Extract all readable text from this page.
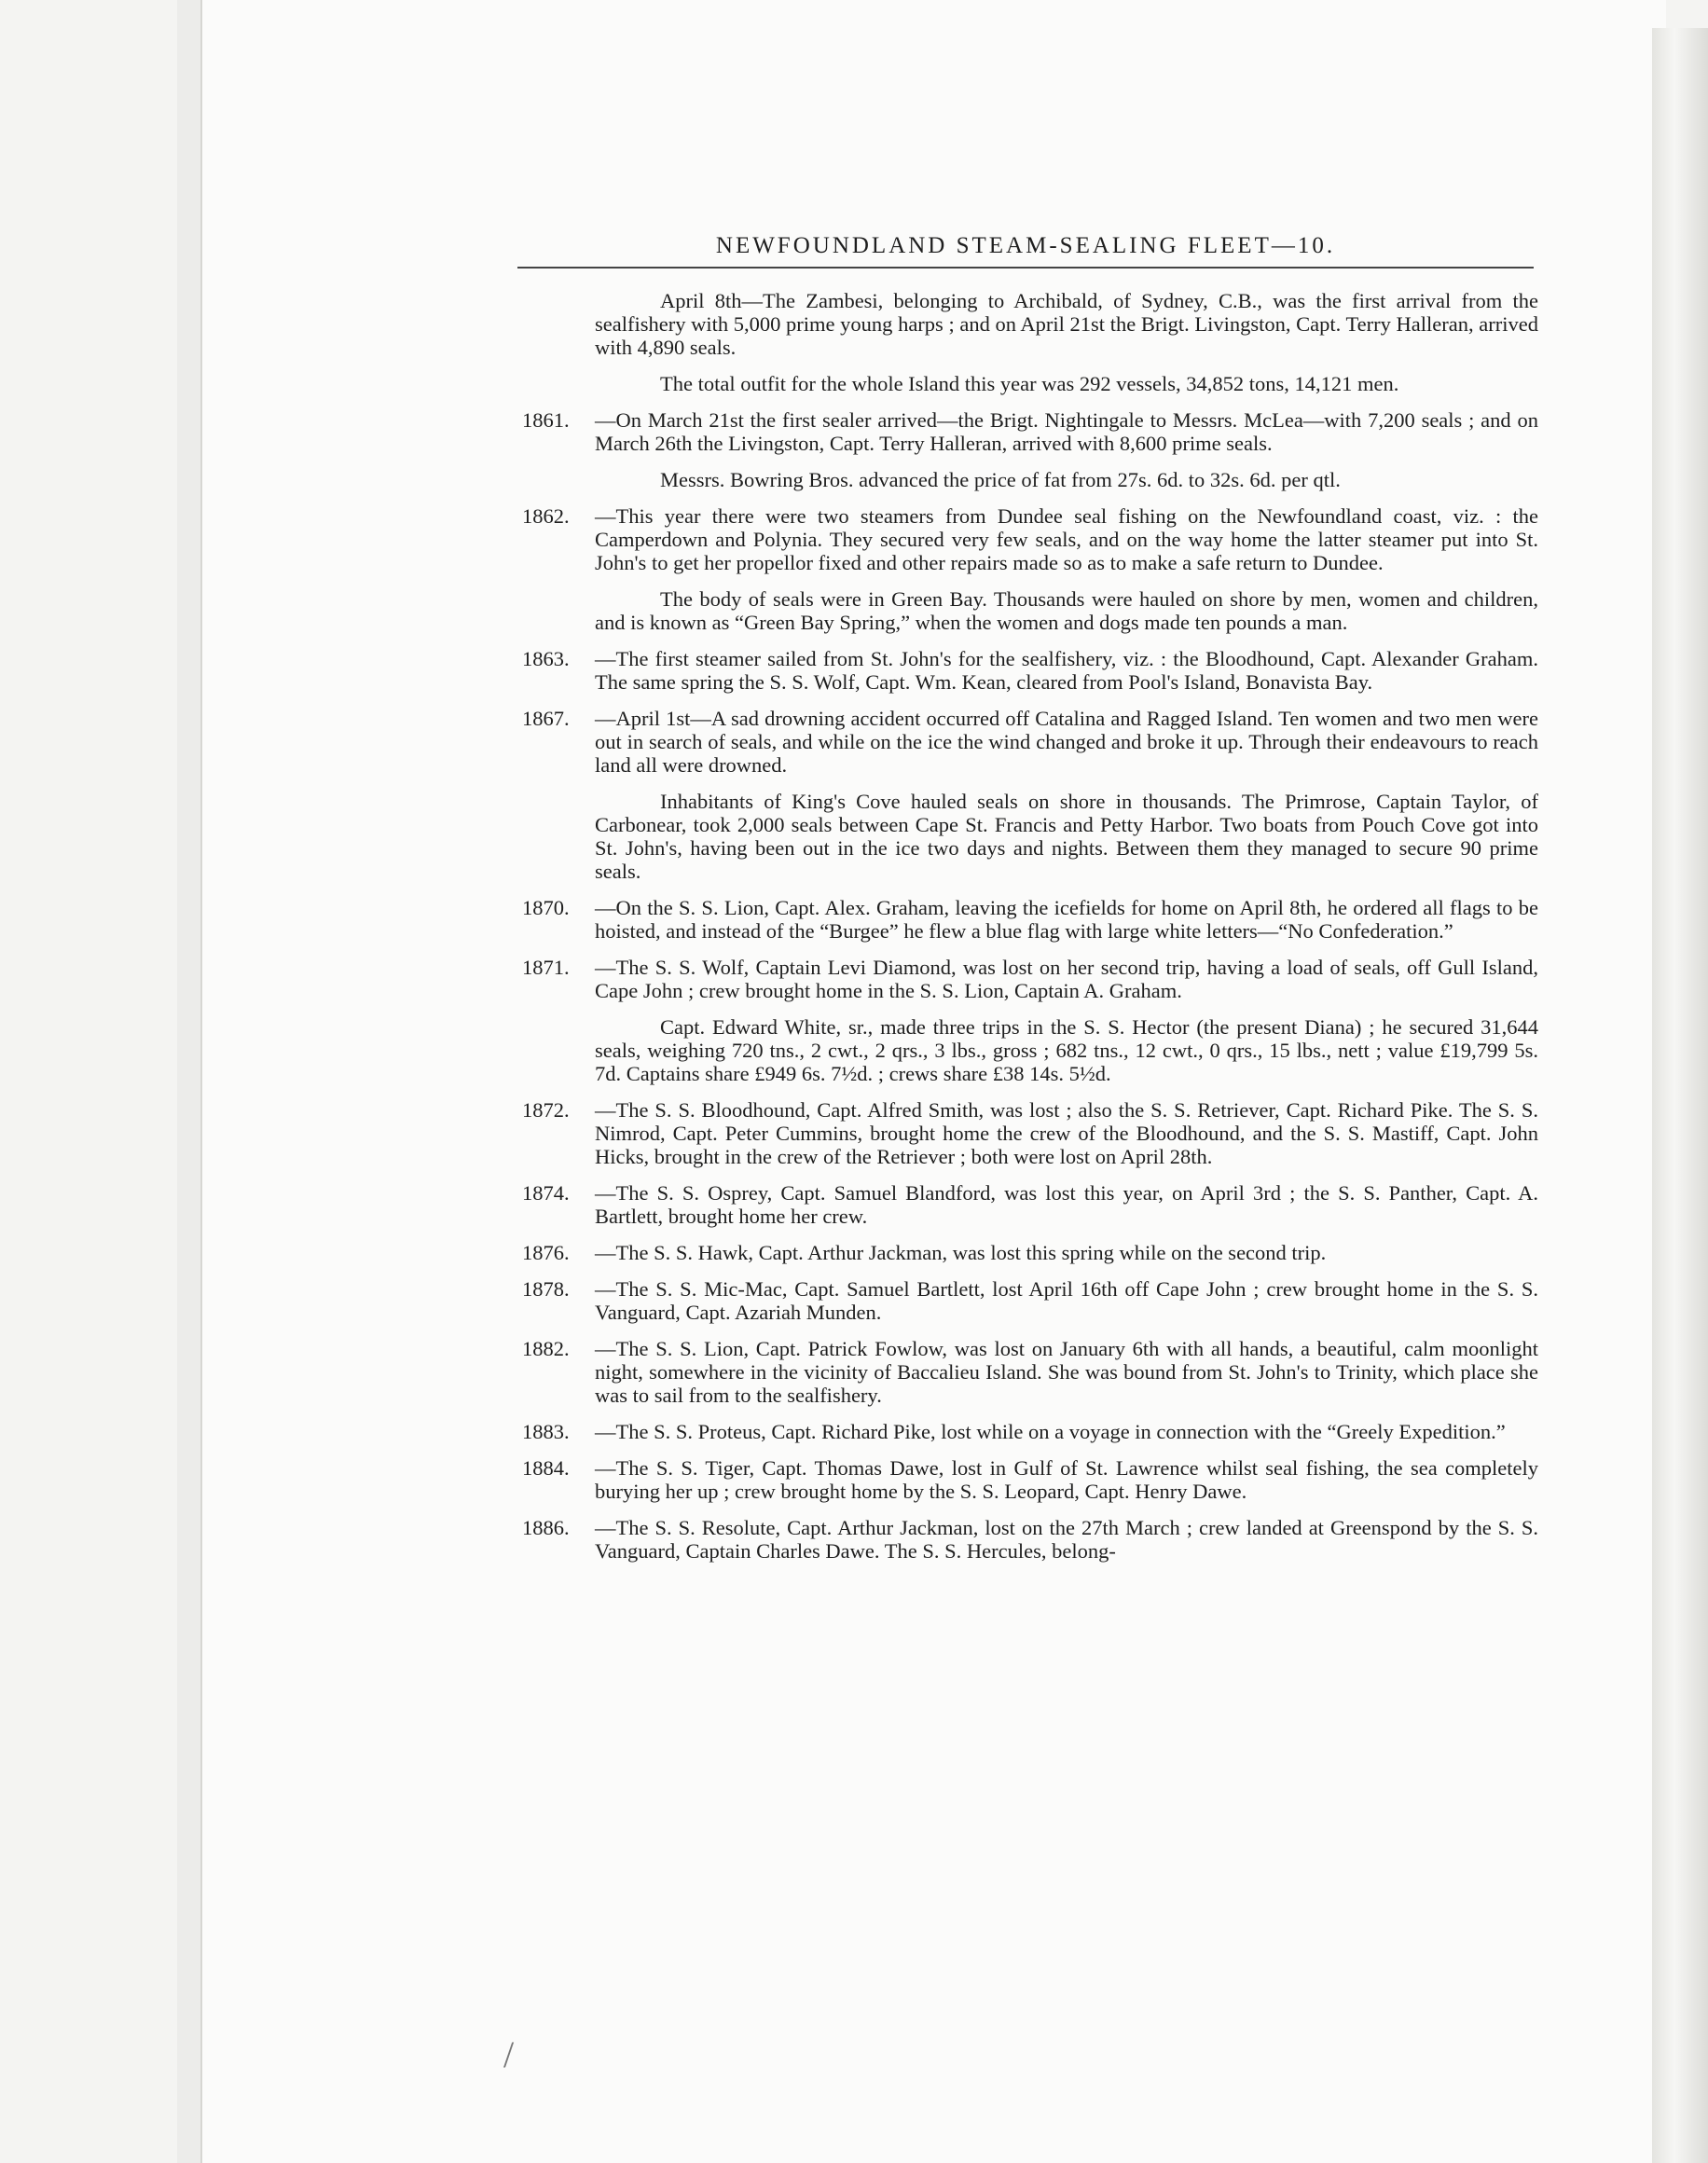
NEWFOUNDLAND STEAM-SEALING FLEET—10.

April 8th—The Zambesi, belonging to Archibald, of Sydney, C.B., was the first arrival from the sealfishery with 5,000 prime young harps ; and on April 21st the Brigt. Livingston, Capt. Terry Halleran, arrived with 4,890 seals.

The total outfit for the whole Island this year was 292 vessels, 34,852 tons, 14,121 men.

1861. —On March 21st the first sealer arrived—the Brigt. Nightingale to Messrs. McLea—with 7,200 seals ; and on March 26th the Livingston, Capt. Terry Halleran, arrived with 8,600 prime seals.

Messrs. Bowring Bros. advanced the price of fat from 27s. 6d. to 32s. 6d. per qtl.

1862. —This year there were two steamers from Dundee seal fishing on the Newfoundland coast, viz. : the Camperdown and Polynia. They secured very few seals, and on the way home the latter steamer put into St. John's to get her propellor fixed and other repairs made so as to make a safe return to Dundee.

The body of seals were in Green Bay. Thousands were hauled on shore by men, women and children, and is known as “Green Bay Spring,” when the women and dogs made ten pounds a man.

1863. —The first steamer sailed from St. John's for the sealfishery, viz. : the Bloodhound, Capt. Alexander Graham. The same spring the S. S. Wolf, Capt. Wm. Kean, cleared from Pool's Island, Bonavista Bay.

1867. —April 1st—A sad drowning accident occurred off Catalina and Ragged Island. Ten women and two men were out in search of seals, and while on the ice the wind changed and broke it up. Through their endeavours to reach land all were drowned.

Inhabitants of King's Cove hauled seals on shore in thousands. The Primrose, Captain Taylor, of Carbonear, took 2,000 seals between Cape St. Francis and Petty Harbor. Two boats from Pouch Cove got into St. John's, having been out in the ice two days and nights. Between them they managed to secure 90 prime seals.

1870. —On the S. S. Lion, Capt. Alex. Graham, leaving the icefields for home on April 8th, he ordered all flags to be hoisted, and instead of the “Burgee” he flew a blue flag with large white letters—“No Confederation.”

1871. —The S. S. Wolf, Captain Levi Diamond, was lost on her second trip, having a load of seals, off Gull Island, Cape John ; crew brought home in the S. S. Lion, Captain A. Graham.

Capt. Edward White, sr., made three trips in the S. S. Hector (the present Diana) ; he secured 31,644 seals, weighing 720 tns., 2 cwt., 2 qrs., 3 lbs., gross ; 682 tns., 12 cwt., 0 qrs., 15 lbs., nett ; value £19,799 5s. 7d. Captains share £949 6s. 7½d. ; crews share £38 14s. 5½d.

1872. —The S. S. Bloodhound, Capt. Alfred Smith, was lost ; also the S. S. Retriever, Capt. Richard Pike. The S. S. Nimrod, Capt. Peter Cummins, brought home the crew of the Bloodhound, and the S. S. Mastiff, Capt. John Hicks, brought in the crew of the Retriever ; both were lost on April 28th.

1874. —The S. S. Osprey, Capt. Samuel Blandford, was lost this year, on April 3rd ; the S. S. Panther, Capt. A. Bartlett, brought home her crew.

1876. —The S. S. Hawk, Capt. Arthur Jackman, was lost this spring while on the second trip.

1878. —The S. S. Mic-Mac, Capt. Samuel Bartlett, lost April 16th off Cape John ; crew brought home in the S. S. Vanguard, Capt. Azariah Munden.

1882. —The S. S. Lion, Capt. Patrick Fowlow, was lost on January 6th with all hands, a beautiful, calm moonlight night, somewhere in the vicinity of Baccalieu Island. She was bound from St. John's to Trinity, which place she was to sail from to the sealfishery.

1883. —The S. S. Proteus, Capt. Richard Pike, lost while on a voyage in connection with the “Greely Expedition.”

1884. —The S. S. Tiger, Capt. Thomas Dawe, lost in Gulf of St. Lawrence whilst seal fishing, the sea completely burying her up ; crew brought home by the S. S. Leopard, Capt. Henry Dawe.

1886. —The S. S. Resolute, Capt. Arthur Jackman, lost on the 27th March ; crew landed at Greenspond by the S. S. Vanguard, Captain Charles Dawe. The S. S. Hercules, belong-

/
